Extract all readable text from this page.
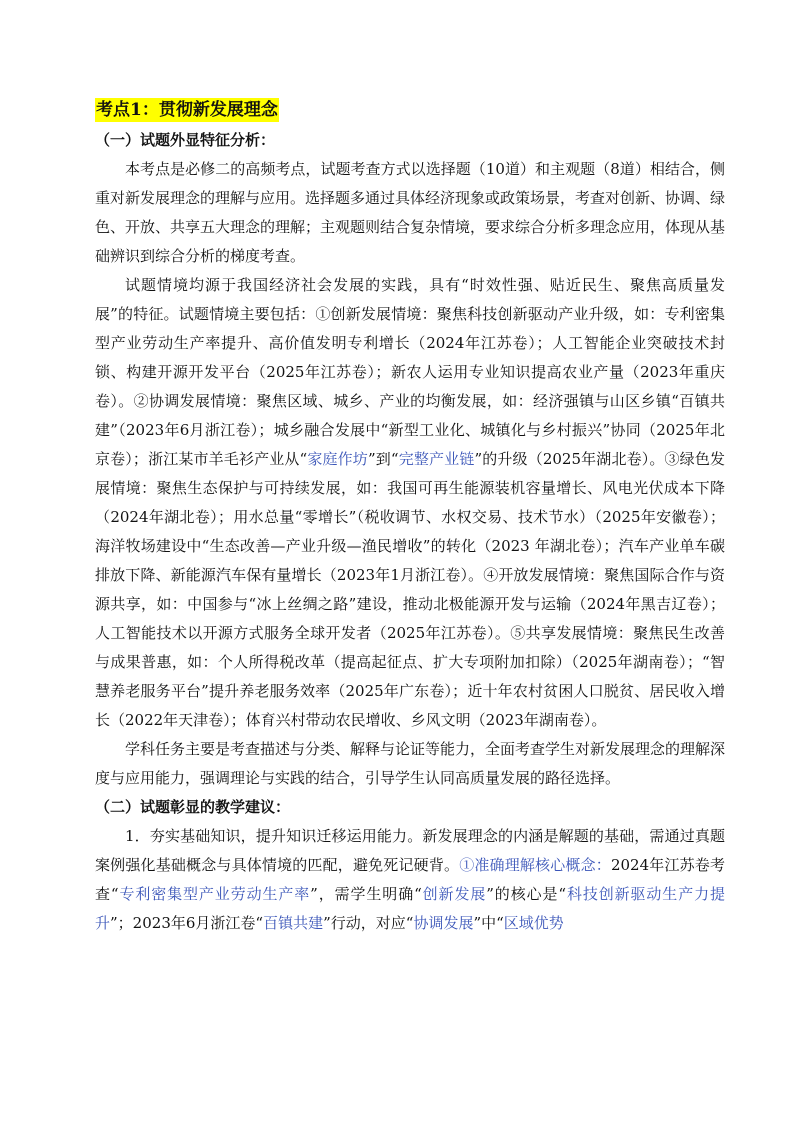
考点1：贯彻新发展理念
（一）试题外显特征分析：

本考点是必修二的高频考点，试题考查方式以选择题（10道）和主观题（8道）相结合，侧重对新发展理念的理解与应用。选择题多通过具体经济现象或政策场景，考查对创新、协调、绿色、开放、共享五大理念的理解；主观题则结合复杂情境，要求综合分析多理念应用，体现从基础辨识到综合分析的梯度考查。

试题情境均源于我国经济社会发展的实践，具有“时效性强、贴近民生、聚焦高质量发展”的特征。试题情境主要包括：①创新发展情境：聚焦科技创新驱动产业升级，如：专利密集型产业劳动生产率提升、高价值发明专利增长（2024年江苏卷）；人工智能企业突破技术封锁、构建开源开发平台（2025年江苏卷）；新农人运用专业知识提高农业产量（2023年重庆卷）。②协调发展情境：聚焦区域、城乡、产业的均衡发展，如：经济强镇与山区乡镇“百镇共建”（2023年6月浙江卷）；城乡融合发展中“新型工业化、城镇化与乡村振兴”协同（2025年北京卷）；浙江某市羊毛衫产业从“家庭作坊”到“完整产业链”的升级（2025年湖北卷）。③绿色发展情境：聚焦生态保护与可持续发展，如：我国可再生能源装机容量增长、风电光伏成本下降（2024年湖北卷）；用水总量“零增长”（税收调节、水权交易、技术节水）（2025年安徽卷）；海洋牧场建设中“生态改善—产业升级—渔民增收”的转化（2023 年湖北卷）；汽车产业单车碳排放下降、新能源汽车保有量增长（2023年1月浙江卷）。④开放发展情境：聚焦国际合作与资源共享，如：中国参与“冰上丝绸之路”建设，推动北极能源开发与运输（2024年黑吉辽卷）；人工智能技术以开源方式服务全球开发者（2025年江苏卷）。⑤共享发展情境：聚焦民生改善与成果普惠，如：个人所得税改革（提高起征点、扩大专项附加扣除）（2025年湖南卷）；“智慧养老服务平台”提升养老服务效率（2025年广东卷）；近十年农村贫困人口脱贫、居民收入增长（2022年天津卷）；体育兴村带动农民增收、乡风文明（2023年湖南卷）。

学科任务主要是考查描述与分类、解释与论证等能力，全面考查学生对新发展理念的理解深度与应用能力，强调理论与实践的结合，引导学生认同高质量发展的路径选择。

（二）试题彰显的教学建议：

1．夯实基础知识，提升知识迁移运用能力。新发展理念的内涵是解题的基础，需通过真题案例强化基础概念与具体情境的匹配，避免死记硬背。①准确理解核心概念：2024年江苏卷考查“专利密集型产业劳动生产率”，需学生明确“创新发展”的核心是“科技创新驱动生产力提升”；2023年6月浙江卷“百镇共建”行动，对应“协调发展”中“区域优势
